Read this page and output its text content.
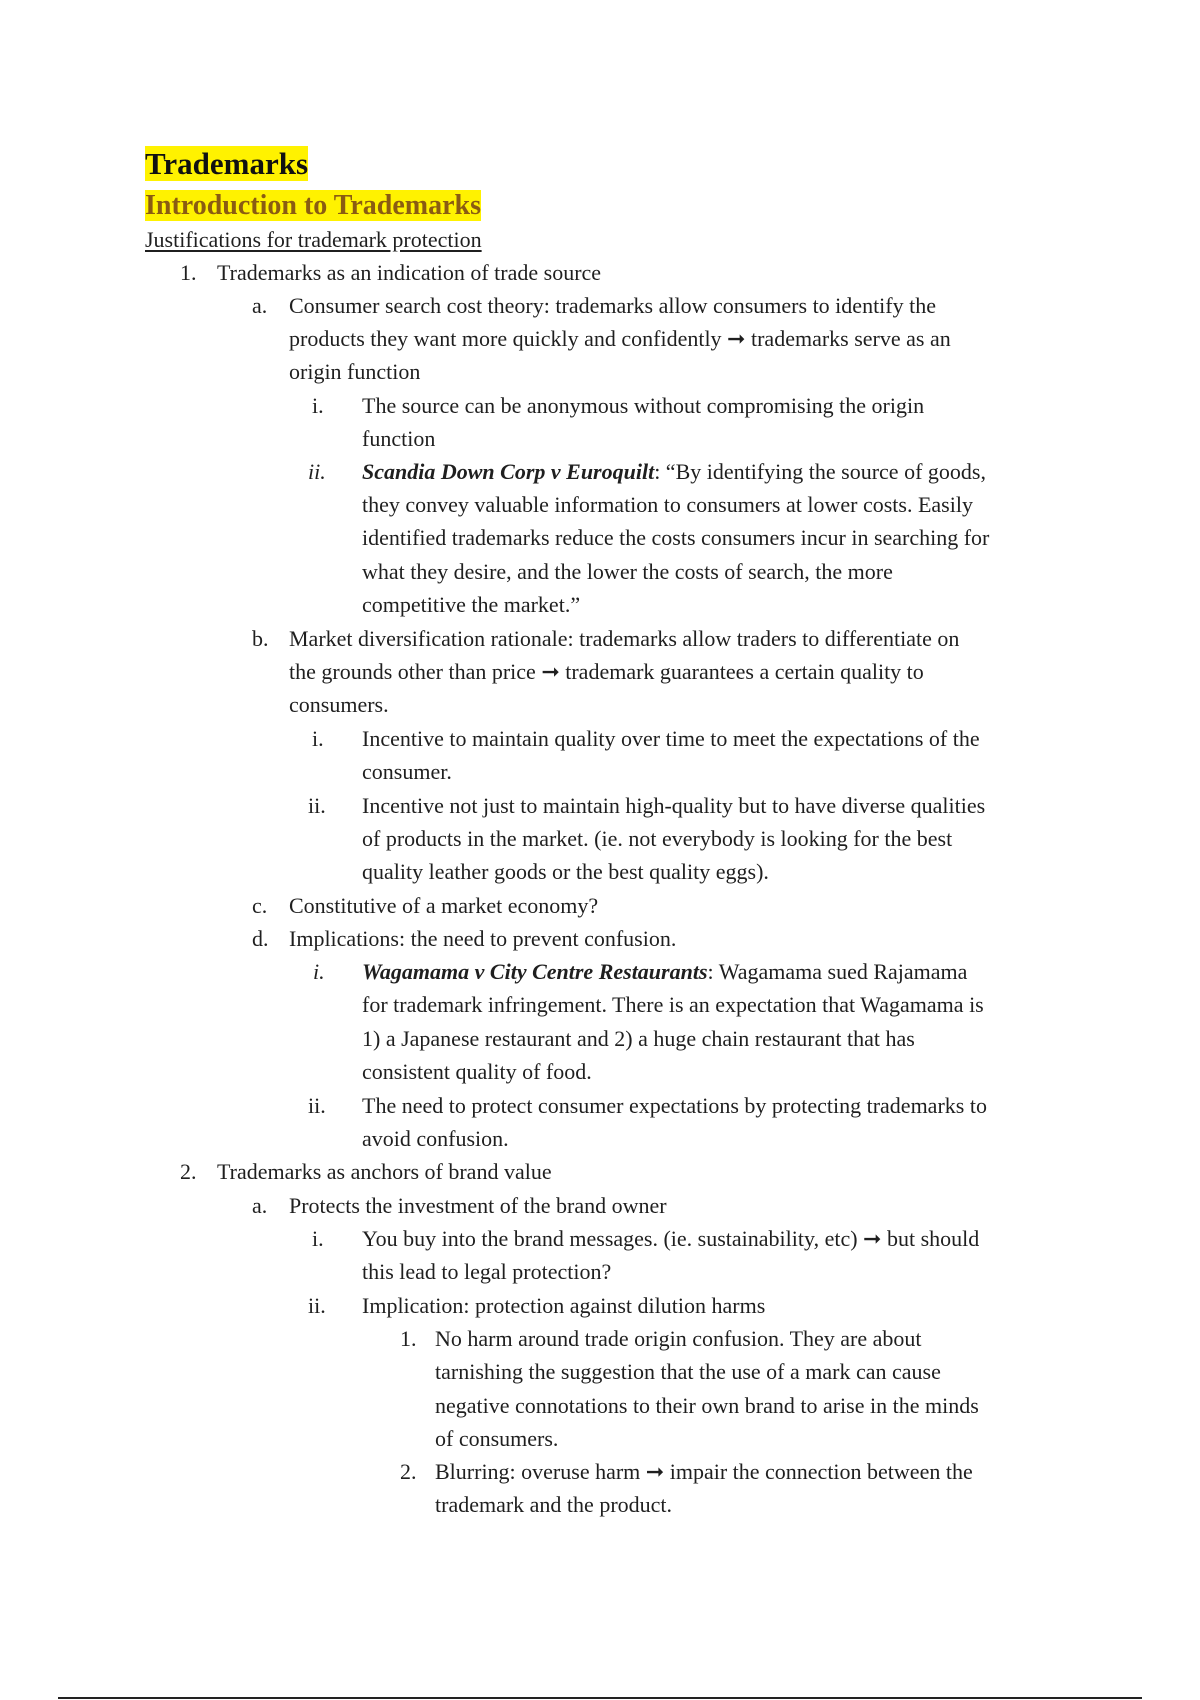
Trademarks
Introduction to Trademarks
Justifications for trademark protection
1. Trademarks as an indication of trade source
a. Consumer search cost theory: trademarks allow consumers to identify the
products they want more quickly and confidently ➞ trademarks serve as an
origin function
i. The source can be anonymous without compromising the origin
function
ii. Scandia Down Corp v Euroquilt: “By identifying the source of goods,
they convey valuable information to consumers at lower costs. Easily
identified trademarks reduce the costs consumers incur in searching for
what they desire, and the lower the costs of search, the more
competitive the market.”
b. Market diversification rationale: trademarks allow traders to differentiate on
the grounds other than price ➞ trademark guarantees a certain quality to
consumers.
i. Incentive to maintain quality over time to meet the expectations of the
consumer.
ii. Incentive not just to maintain high-quality but to have diverse qualities
of products in the market. (ie. not everybody is looking for the best
quality leather goods or the best quality eggs).
c. Constitutive of a market economy?
d. Implications: the need to prevent confusion.
i. Wagamama v City Centre Restaurants: Wagamama sued Rajamama
for trademark infringement. There is an expectation that Wagamama is
1) a Japanese restaurant and 2) a huge chain restaurant that has
consistent quality of food.
ii. The need to protect consumer expectations by protecting trademarks to
avoid confusion.
2. Trademarks as anchors of brand value
a. Protects the investment of the brand owner
i. You buy into the brand messages. (ie. sustainability, etc) ➞ but should
this lead to legal protection?
ii. Implication: protection against dilution harms
1. No harm around trade origin confusion. They are about
tarnishing the suggestion that the use of a mark can cause
negative connotations to their own brand to arise in the minds
of consumers.
2. Blurring: overuse harm ➞ impair the connection between the
trademark and the product.
